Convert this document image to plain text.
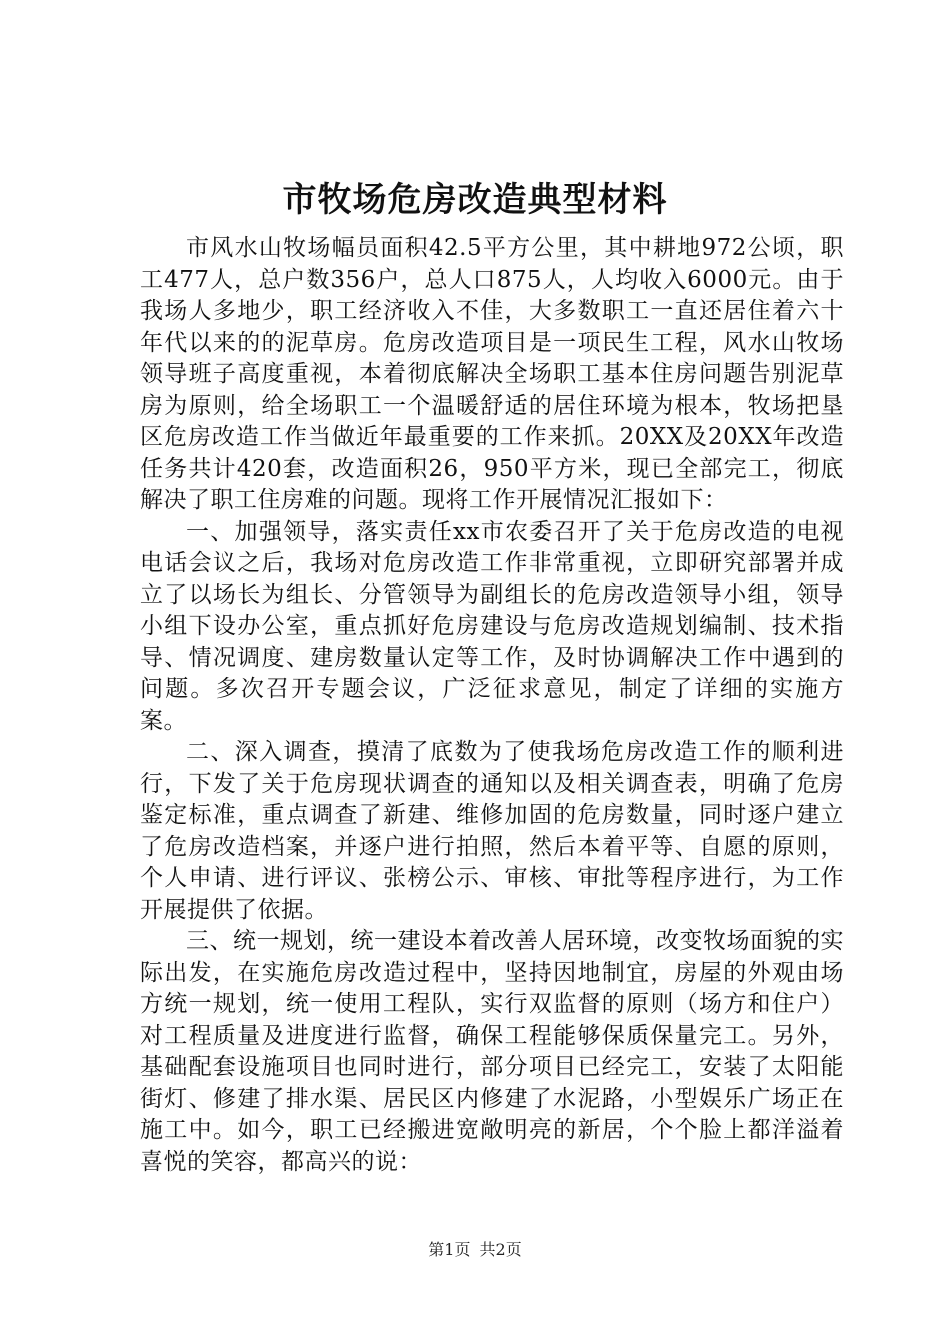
市牧场危房改造典型材料

市风水山牧场幅员面积42.5平方公里，其中耕地972公顷，职工477人，总户数356户，总人口875人，人均收入6000元。由于我场人多地少，职工经济收入不佳，大多数职工一直还居住着六十年代以来的的泥草房。危房改造项目是一项民生工程，风水山牧场领导班子高度重视，本着彻底解决全场职工基本住房问题告别泥草房为原则，给全场职工一个温暖舒适的居住环境为根本，牧场把垦区危房改造工作当做近年最重要的工作来抓。20XX及20XX年改造任务共计420套，改造面积26，950平方米，现已全部完工，彻底解决了职工住房难的问题。现将工作开展情况汇报如下：

一、加强领导，落实责任xx市农委召开了关于危房改造的电视电话会议之后，我场对危房改造工作非常重视，立即研究部署并成立了以场长为组长、分管领导为副组长的危房改造领导小组，领导小组下设办公室，重点抓好危房建设与危房改造规划编制、技术指导、情况调度、建房数量认定等工作，及时协调解决工作中遇到的问题。多次召开专题会议，广泛征求意见，制定了详细的实施方案。

二、深入调查，摸清了底数为了使我场危房改造工作的顺利进行，下发了关于危房现状调查的通知以及相关调查表，明确了危房鉴定标准，重点调查了新建、维修加固的危房数量，同时逐户建立了危房改造档案，并逐户进行拍照，然后本着平等、自愿的原则，个人申请、进行评议、张榜公示、审核、审批等程序进行，为工作开展提供了依据。

三、统一规划，统一建设本着改善人居环境，改变牧场面貌的实际出发，在实施危房改造过程中，坚持因地制宜，房屋的外观由场方统一规划，统一使用工程队，实行双监督的原则（场方和住户）对工程质量及进度进行监督，确保工程能够保质保量完工。另外，基础配套设施项目也同时进行，部分项目已经完工，安装了太阳能街灯、修建了排水渠、居民区内修建了水泥路，小型娱乐广场正在施工中。如今，职工已经搬进宽敞明亮的新居，个个脸上都洋溢着喜悦的笑容，都高兴的说：

第1页 共2页
